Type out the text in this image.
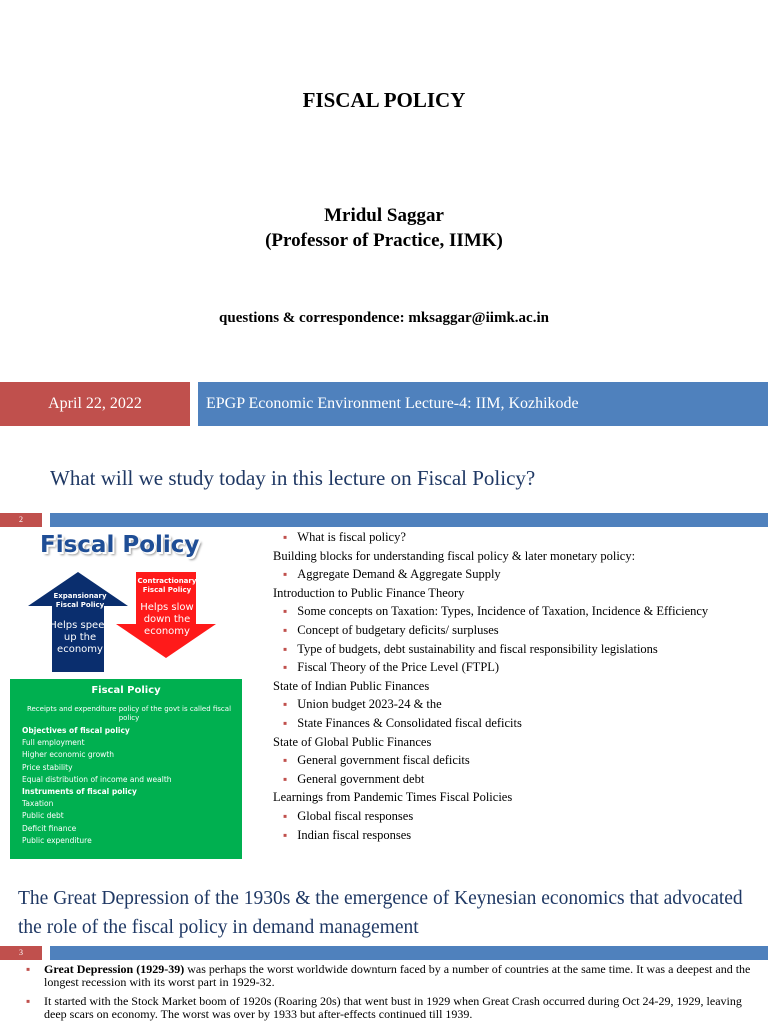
FISCAL POLICY
Mridul Saggar
(Professor of Practice, IIMK)
questions & correspondence: mksaggar@iimk.ac.in
April 22, 2022	EPGP Economic Environment Lecture-4: IIM, Kozhikode
What will we study today in this lecture on Fiscal Policy?
2
Fiscal Policy
Expansionary Fiscal Policy
Helps speed up the economy
Contractionary Fiscal Policy
Helps slow down the economy
Fiscal Policy
Receipts and expenditure policy of the govt is called fiscal policy
Objectives of fiscal policy
Full employment
Higher economic growth
Price stability
Equal distribution of income and wealth
Instruments of fiscal policy
Taxation
Public debt
Deficit finance
Public expenditure
▪ What is fiscal policy?
Building blocks for understanding fiscal policy & later monetary policy:
▪ Aggregate Demand & Aggregate Supply
Introduction to Public Finance Theory
▪ Some concepts on Taxation: Types, Incidence of Taxation, Incidence & Efficiency
▪ Concept of budgetary deficits/ surpluses
▪ Type of budgets, debt sustainability and fiscal responsibility legislations
▪ Fiscal Theory of the Price Level (FTPL)
State of Indian Public Finances
▪ Union budget 2023-24 & the
▪ State Finances & Consolidated fiscal deficits
State of Global Public Finances
▪ General government fiscal deficits
▪ General government debt
Learnings from Pandemic Times Fiscal Policies
▪ Global fiscal responses
▪ Indian fiscal responses
The Great Depression of the 1930s & the emergence of Keynesian economics that advocated the role of the fiscal policy in demand management
3
▪ Great Depression (1929-39) was perhaps the worst worldwide downturn faced by a number of countries at the same time. It was a deepest and the longest recession with its worst part in 1929-32.
▪ It started with the Stock Market boom of 1920s (Roaring 20s) that went bust in 1929 when Great Crash occurred during Oct 24-29, 1929, leaving deep scars on economy. The worst was over by 1933 but after-effects continued till 1939.
